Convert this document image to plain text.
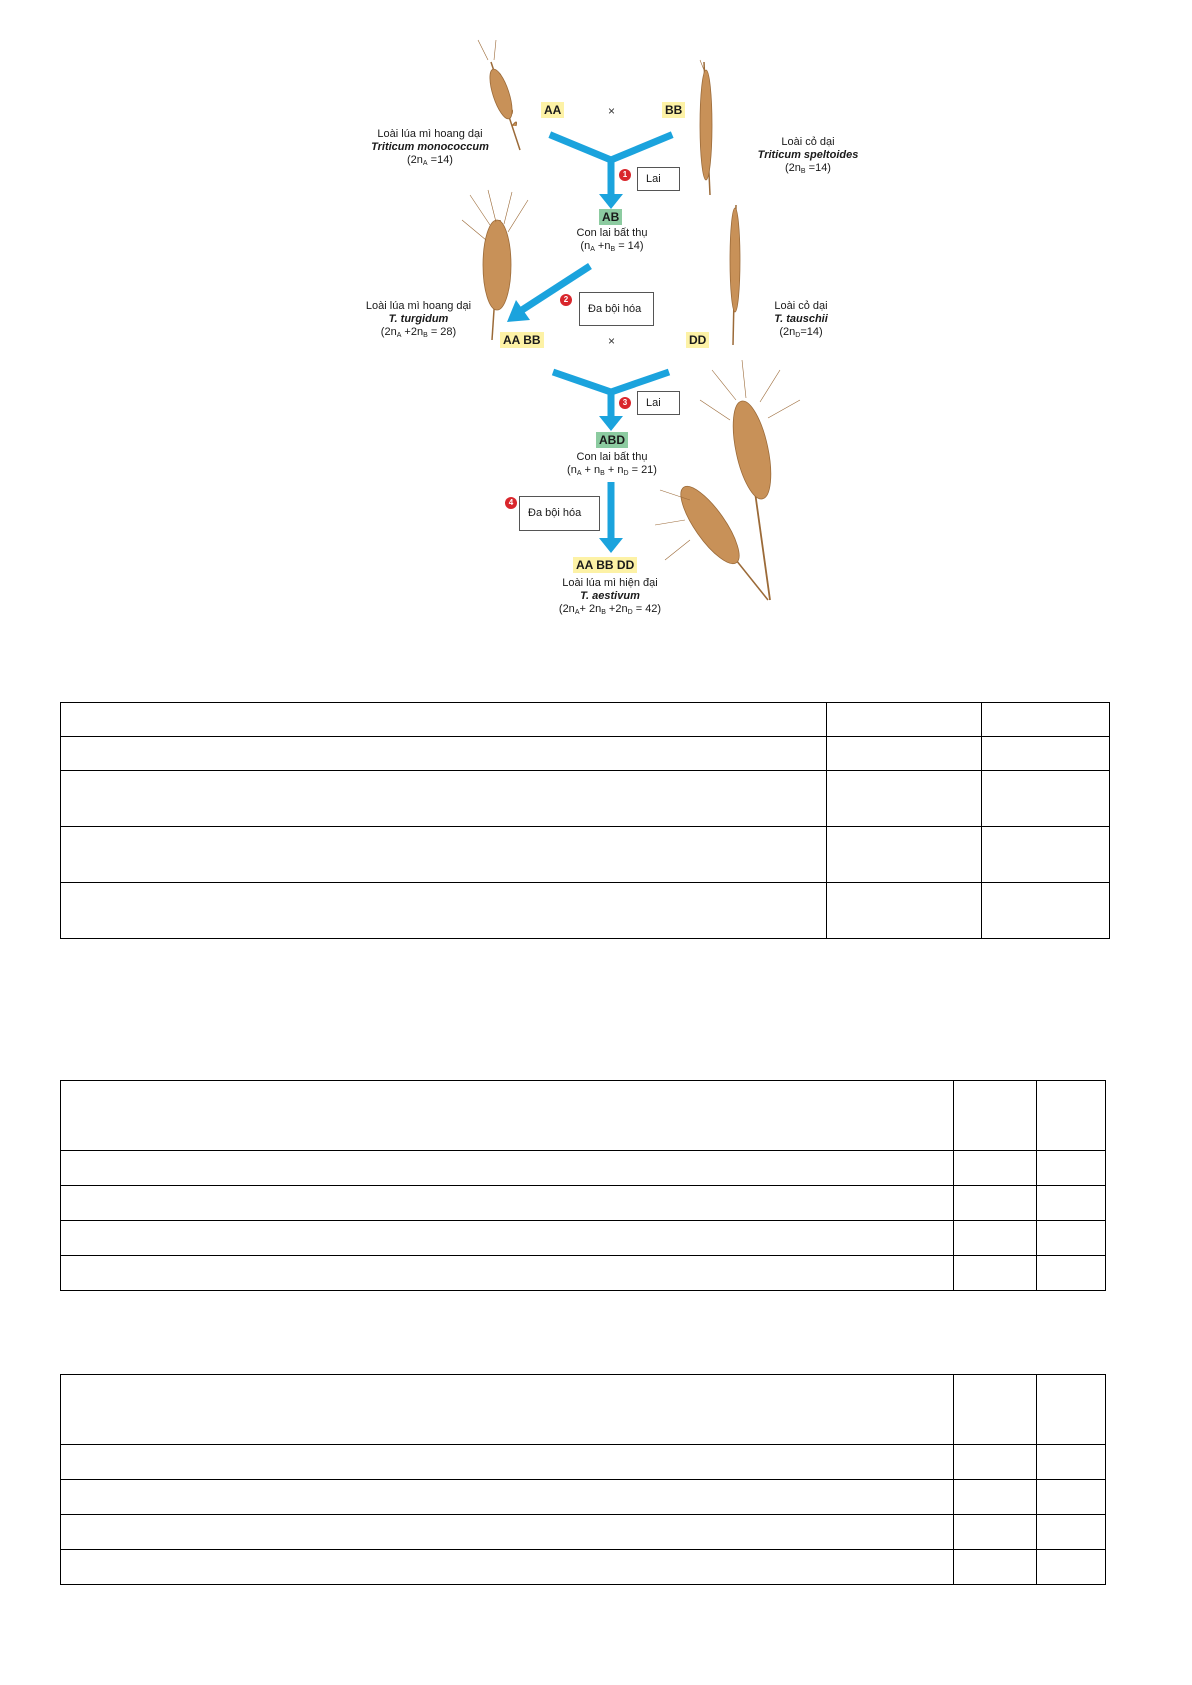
AA	×	BB
Loài lúa mì hoang dại
Triticum monococcum
$(2n_A =14)$
Loài cỏ dại
Triticum speltoides
$(2n_B =14)$
1	Lai
AB
Con lai bất thụ
$(n_A +n_B = 14)$
2
Đa bội hóa
Loài lúa mì hoang dại
T. turgidum
$(2n_A +2n_B = 28)$
AA BB	×	DD
Loài cỏ dại
T. tauschii
$(2n_D=14)$
3	Lai
ABD
Con lai bất thụ
$(n_A + n_B + n_D = 21)$
4
Đa bội hóa
AA BB DD
Loài lúa mì hiện đại
T. aestivum
$(2n_A+ 2n_B +2n_D = 42)$
